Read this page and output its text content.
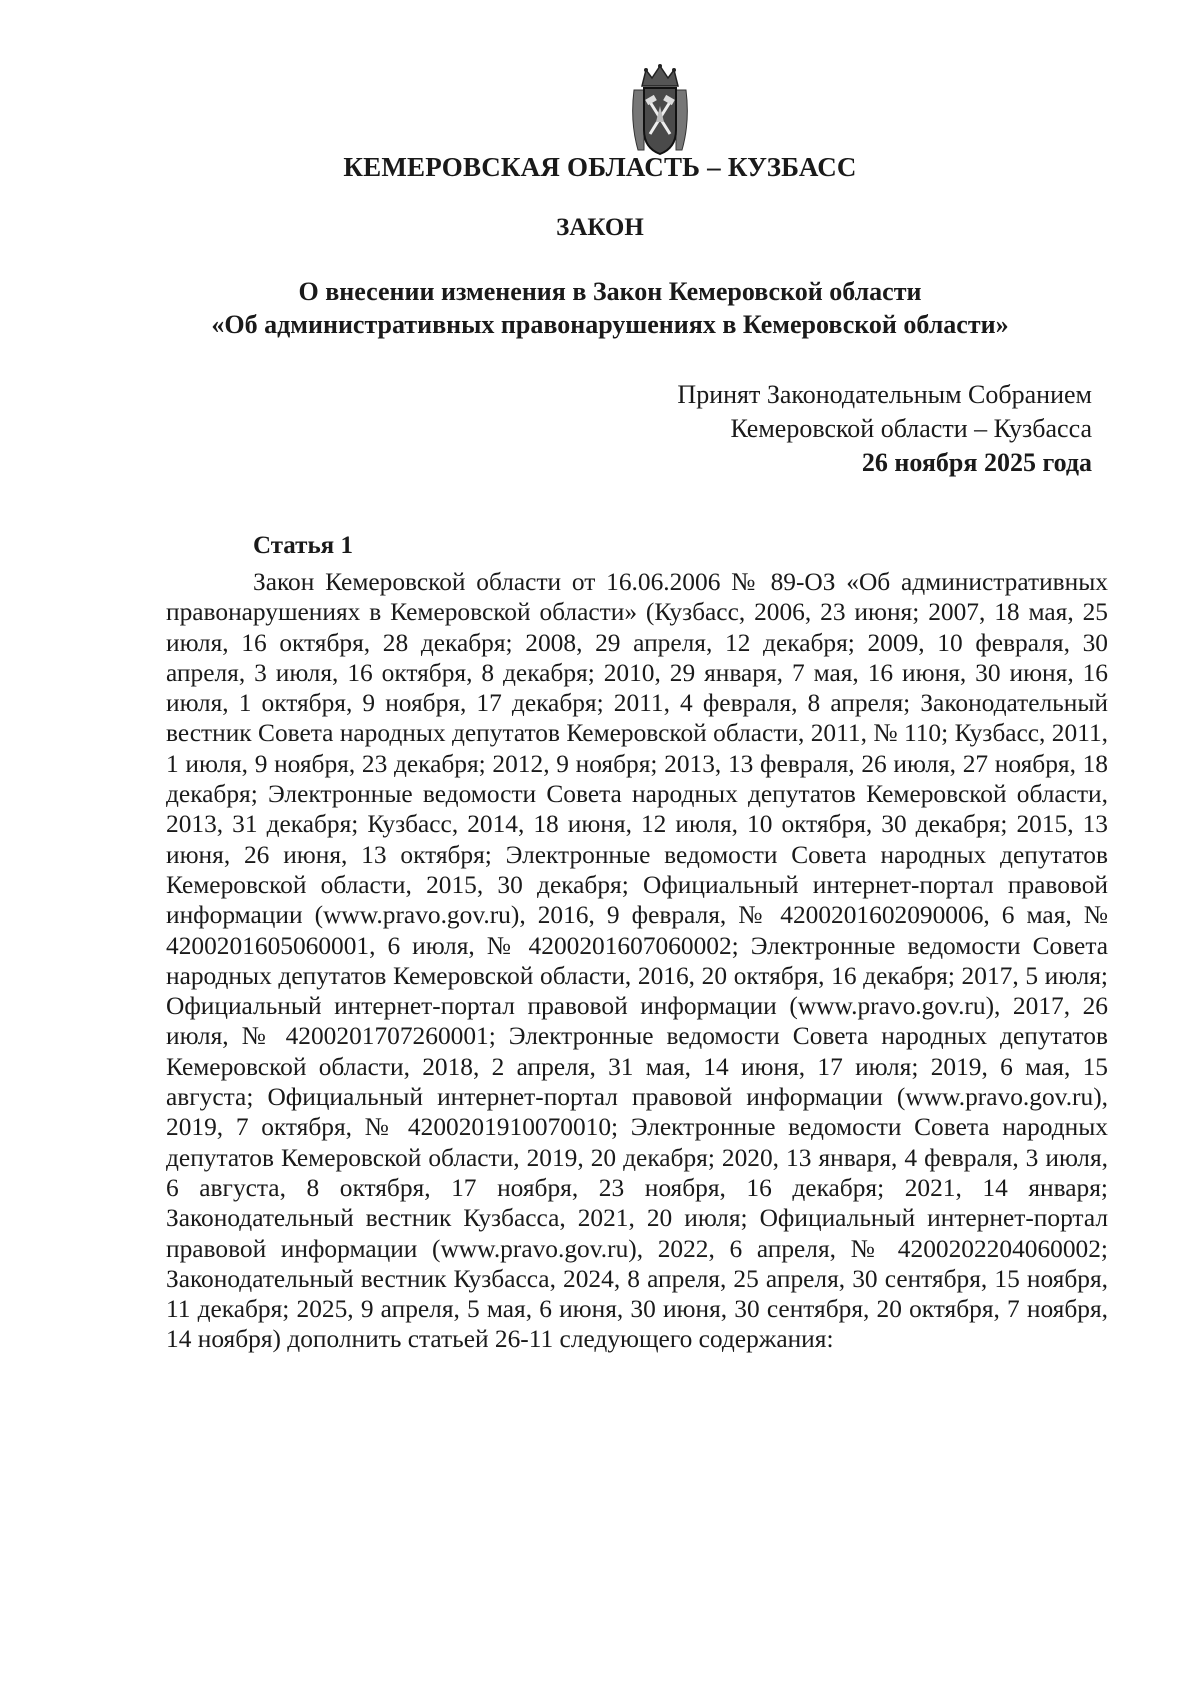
КЕМЕРОВСКАЯ ОБЛАСТЬ – КУЗБАСС
ЗАКОН
О внесении изменения в Закон Кемеровской области
«Об административных правонарушениях в Кемеровской области»
Принят Законодательным Собранием
Кемеровской области – Кузбасса
26 ноября 2025 года
Статья 1

Закон Кемеровской области от 16.06.2006 № 89-ОЗ «Об административных правонарушениях в Кемеровской области» (Кузбасс, 2006, 23 июня; 2007, 18 мая, 25 июля, 16 октября, 28 декабря; 2008, 29 апреля, 12 декабря; 2009, 10 февраля, 30 апреля, 3 июля, 16 октября, 8 декабря; 2010, 29 января, 7 мая, 16 июня, 30 июня, 16 июля, 1 октября, 9 ноября, 17 декабря; 2011, 4 февраля, 8 апреля; Законодательный вестник Совета народных депутатов Кемеровской области, 2011, № 110; Кузбасс, 2011, 1 июля, 9 ноября, 23 декабря; 2012, 9 ноября; 2013, 13 февраля, 26 июля, 27 ноября, 18 декабря; Электронные ведомости Совета народных депутатов Кемеровской области, 2013, 31 декабря; Кузбасс, 2014, 18 июня, 12 июля, 10 октября, 30 декабря; 2015, 13 июня, 26 июня, 13 октября; Электронные ведомости Совета народных депутатов Кемеровской области, 2015, 30 декабря; Официальный интернет-портал правовой информации (www.pravo.gov.ru), 2016, 9 февраля, № 4200201602090006, 6 мая, № 4200201605060001, 6 июля, № 4200201607060002; Электронные ведомости Совета народных депутатов Кемеровской области, 2016, 20 октября, 16 декабря; 2017, 5 июля; Официальный интернет-портал правовой информации (www.pravo.gov.ru), 2017, 26 июля, № 4200201707260001; Электронные ведомости Совета народных депутатов Кемеровской области, 2018, 2 апреля, 31 мая, 14 июня, 17 июля; 2019, 6 мая, 15 августа; Официальный интернет-портал правовой информации (www.pravo.gov.ru), 2019, 7 октября, № 4200201910070010; Электронные ведомости Совета народных депутатов Кемеровской области, 2019, 20 декабря; 2020, 13 января, 4 февраля, 3 июля, 6 августа, 8 октября, 17 ноября, 23 ноября, 16 декабря; 2021, 14 января; Законодательный вестник Кузбасса, 2021, 20 июля; Официальный интернет-портал правовой информации (www.pravo.gov.ru), 2022, 6 апреля, № 4200202204060002; Законодательный вестник Кузбасса, 2024, 8 апреля, 25 апреля, 30 сентября, 15 ноября, 11 декабря; 2025, 9 апреля, 5 мая, 6 июня, 30 июня, 30 сентября, 20 октября, 7 ноября, 14 ноября) дополнить статьей 26-11 следующего содержания:
